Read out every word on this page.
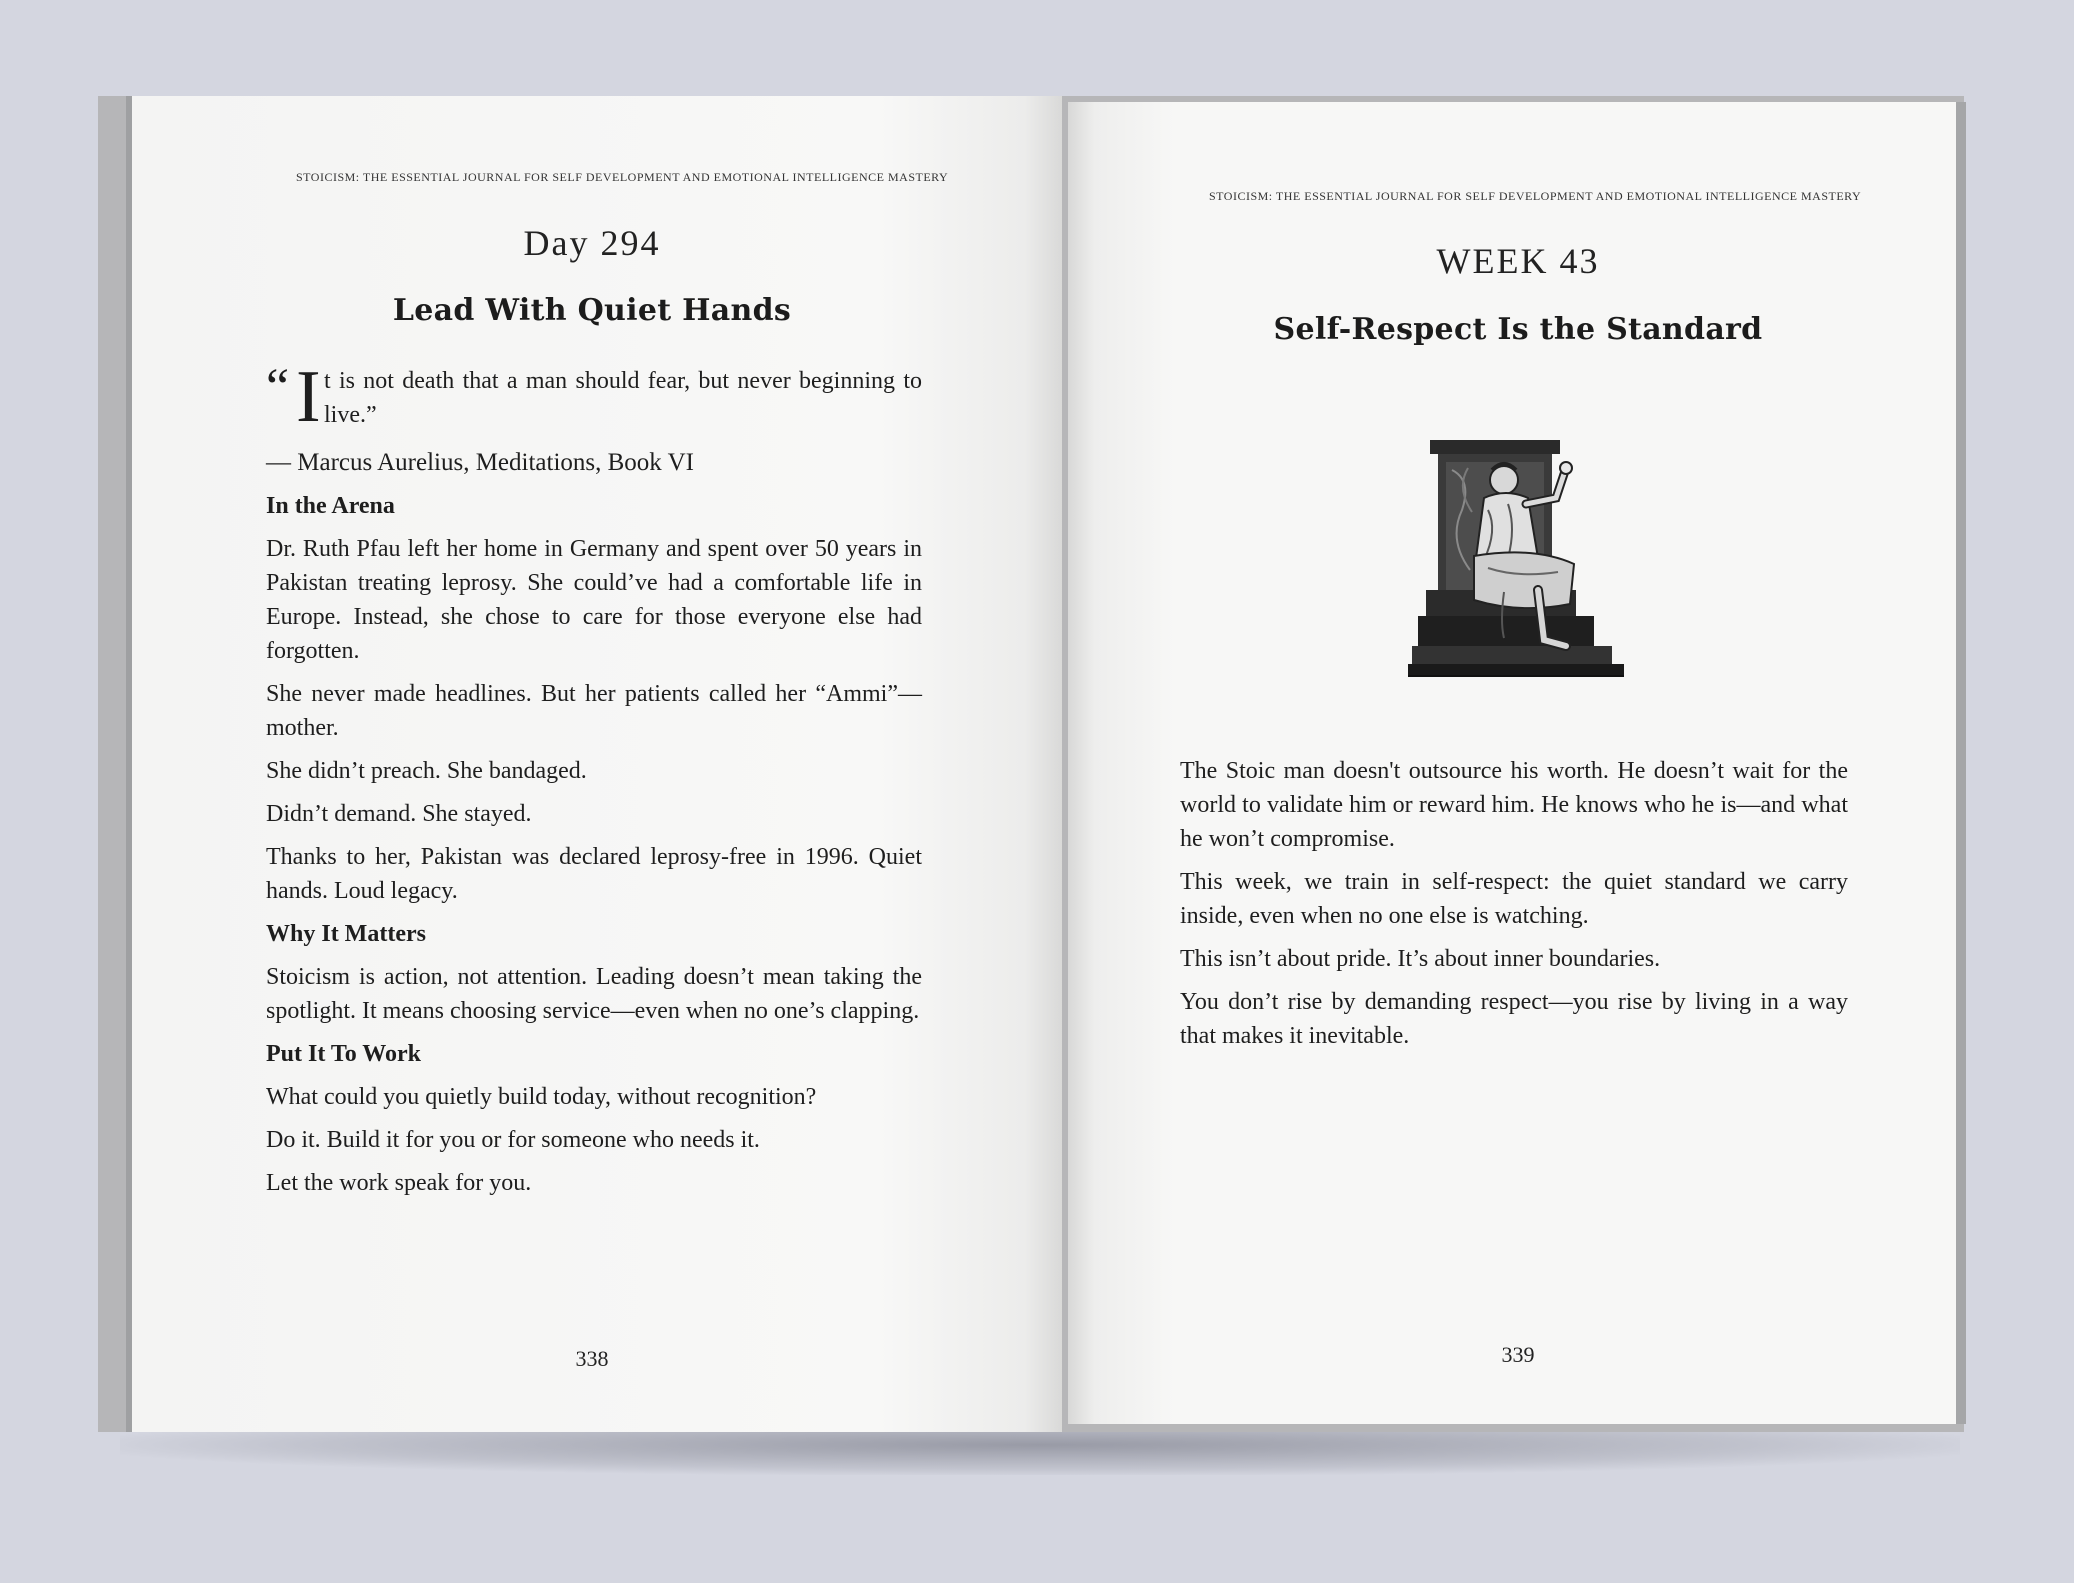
STOICISM: THE ESSENTIAL JOURNAL FOR SELF DEVELOPMENT AND EMOTIONAL INTELLIGENCE MASTERY
Day 294
Lead With Quiet Hands
“ I t is not death that a man should fear, but never beginning to live.”

— Marcus Aurelius, Meditations, Book VI

In the Arena

Dr. Ruth Pfau left her home in Germany and spent over 50 years in Pakistan treating leprosy. She could’ve had a comfortable life in Europe. Instead, she chose to care for those everyone else had forgotten.

She never made headlines. But her patients called her “Ammi”—mother.

She didn’t preach. She bandaged.

Didn’t demand. She stayed.

Thanks to her, Pakistan was declared leprosy-free in 1996. Quiet hands. Loud legacy.

Why It Matters

Stoicism is action, not attention. Leading doesn’t mean taking the spotlight. It means choosing service—even when no one’s clapping.

Put It To Work

What could you quietly build today, without recognition?

Do it. Build it for you or for someone who needs it.

Let the work speak for you.

338
STOICISM: THE ESSENTIAL JOURNAL FOR SELF DEVELOPMENT AND EMOTIONAL INTELLIGENCE MASTERY
WEEK 43
Self-Respect Is the Standard

The Stoic man doesn't outsource his worth. He doesn’t wait for the world to validate him or reward him. He knows who he is—and what he won’t compromise.

This week, we train in self-respect: the quiet standard we carry inside, even when no one else is watching.

This isn’t about pride. It’s about inner boundaries.

You don’t rise by demanding respect—you rise by living in a way that makes it inevitable.

339
